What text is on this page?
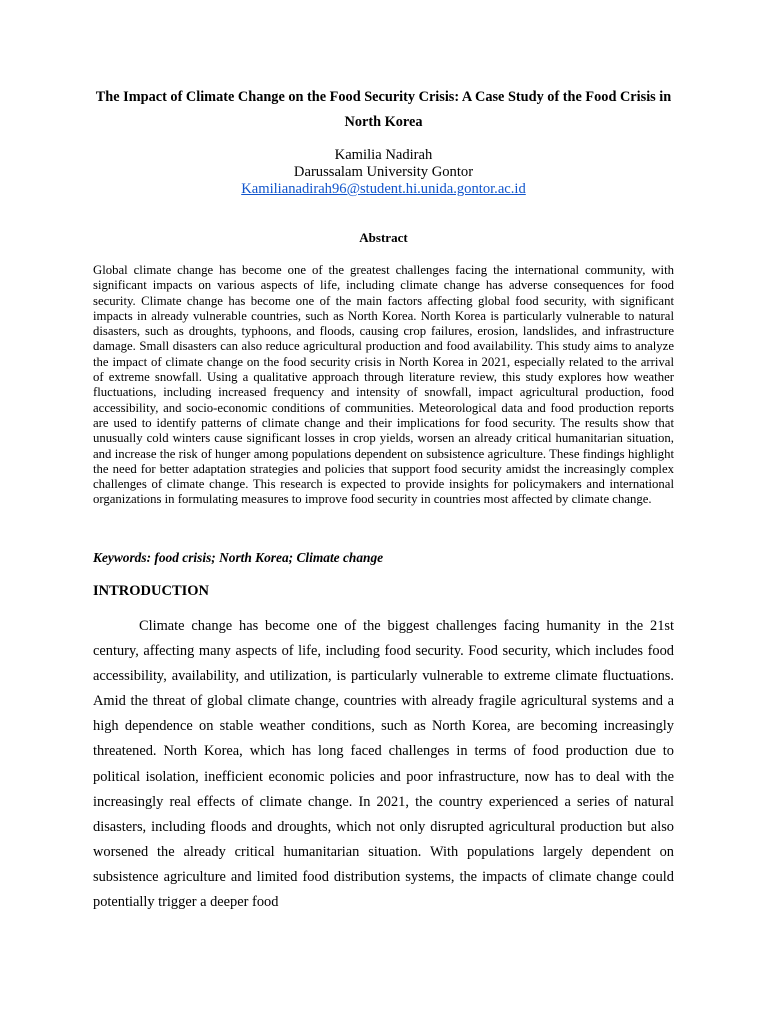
The Impact of Climate Change on the Food Security Crisis: A Case Study of the Food Crisis in North Korea
Kamilia Nadirah
Darussalam University Gontor
Kamilianadirah96@student.hi.unida.gontor.ac.id
Abstract

Global climate change has become one of the greatest challenges facing the international community, with significant impacts on various aspects of life, including climate change has adverse consequences for food security. Climate change has become one of the main factors affecting global food security, with significant impacts in already vulnerable countries, such as North Korea. North Korea is particularly vulnerable to natural disasters, such as droughts, typhoons, and floods, causing crop failures, erosion, landslides, and infrastructure damage. Small disasters can also reduce agricultural production and food availability. This study aims to analyze the impact of climate change on the food security crisis in North Korea in 2021, especially related to the arrival of extreme snowfall. Using a qualitative approach through literature review, this study explores how weather fluctuations, including increased frequency and intensity of snowfall, impact agricultural production, food accessibility, and socio-economic conditions of communities. Meteorological data and food production reports are used to identify patterns of climate change and their implications for food security. The results show that unusually cold winters cause significant losses in crop yields, worsen an already critical humanitarian situation, and increase the risk of hunger among populations dependent on subsistence agriculture. These findings highlight the need for better adaptation strategies and policies that support food security amidst the increasingly complex challenges of climate change. This research is expected to provide insights for policymakers and international organizations in formulating measures to improve food security in countries most affected by climate change.

Keywords: food crisis; North Korea; Climate change

INTRODUCTION

Climate change has become one of the biggest challenges facing humanity in the 21st century, affecting many aspects of life, including food security. Food security, which includes food accessibility, availability, and utilization, is particularly vulnerable to extreme climate fluctuations. Amid the threat of global climate change, countries with already fragile agricultural systems and a high dependence on stable weather conditions, such as North Korea, are becoming increasingly threatened. North Korea, which has long faced challenges in terms of food production due to political isolation, inefficient economic policies and poor infrastructure, now has to deal with the increasingly real effects of climate change. In 2021, the country experienced a series of natural disasters, including floods and droughts, which not only disrupted agricultural production but also worsened the already critical humanitarian situation. With populations largely dependent on subsistence agriculture and limited food distribution systems, the impacts of climate change could potentially trigger a deeper food
